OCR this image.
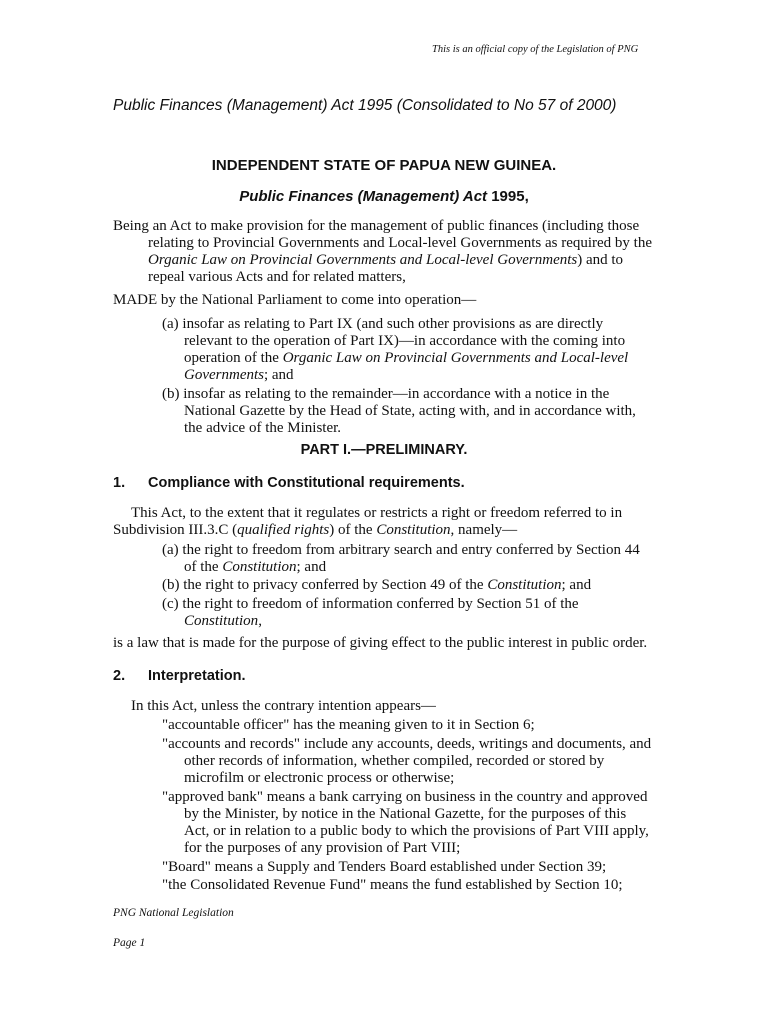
This is an official copy of the Legislation of PNG
Public Finances (Management) Act 1995 (Consolidated to No 57 of 2000)
INDEPENDENT STATE OF PAPUA NEW GUINEA.
Public Finances (Management) Act 1995,
Being an Act to make provision for the management of public finances (including those
relating to Provincial Governments and Local-level Governments as required by the
Organic Law on Provincial Governments and Local-level Governments) and to
repeal various Acts and for related matters,
MADE by the National Parliament to come into operation—
(a) insofar as relating to Part IX (and such other provisions as are directly
relevant to the operation of Part IX)—in accordance with the coming into
operation of the Organic Law on Provincial Governments and Local-level
Governments; and
(b) insofar as relating to the remainder—in accordance with a notice in the
National Gazette by the Head of State, acting with, and in accordance with,
the advice of the Minister.
PART I.—PRELIMINARY.
1. Compliance with Constitutional requirements.
This Act, to the extent that it regulates or restricts a right or freedom referred to in
Subdivision III.3.C (qualified rights) of the Constitution, namely—
(a) the right to freedom from arbitrary search and entry conferred by Section 44
of the Constitution; and
(b) the right to privacy conferred by Section 49 of the Constitution; and
(c) the right to freedom of information conferred by Section 51 of the
Constitution,
is a law that is made for the purpose of giving effect to the public interest in public order.
2. Interpretation.
In this Act, unless the contrary intention appears—
"accountable officer" has the meaning given to it in Section 6;
"accounts and records" include any accounts, deeds, writings and documents, and
other records of information, whether compiled, recorded or stored by
microfilm or electronic process or otherwise;
"approved bank" means a bank carrying on business in the country and approved
by the Minister, by notice in the National Gazette, for the purposes of this
Act, or in relation to a public body to which the provisions of Part VIII apply,
for the purposes of any provision of Part VIII;
"Board" means a Supply and Tenders Board established under Section 39;
"the Consolidated Revenue Fund" means the fund established by Section 10;
PNG National Legislation
Page 1
